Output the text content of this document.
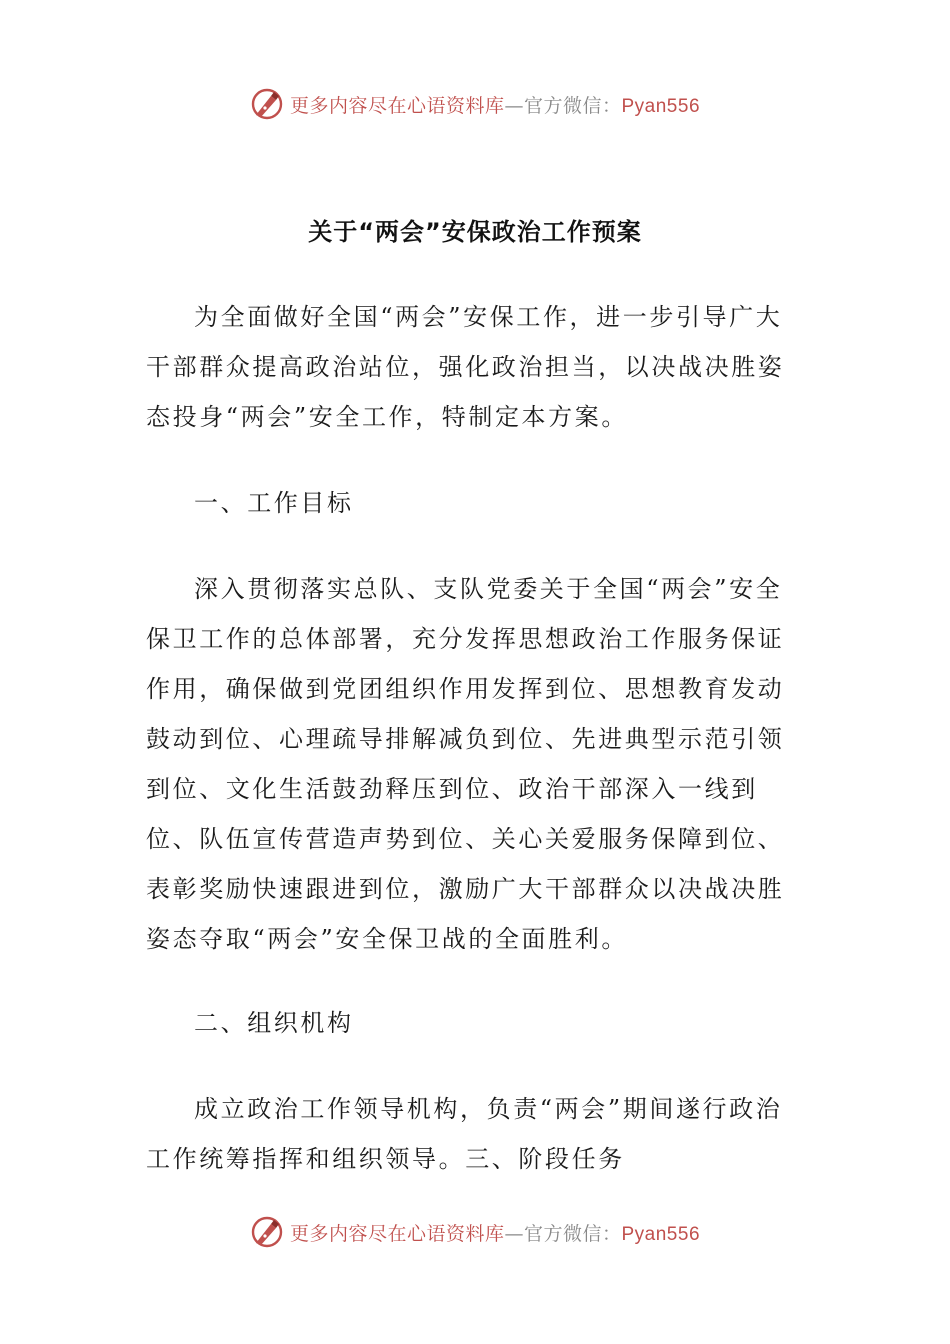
更多内容尽在心语资料库—官方微信：Pyan556
关于“两会”安保政治工作预案

为全面做好全国“两会”安保工作，进一步引导广大干部群众提高政治站位，强化政治担当，以决战决胜姿态投身“两会”安全工作，特制定本方案。

一、工作目标

深入贯彻落实总队、支队党委关于全国“两会”安全保卫工作的总体部署，充分发挥思想政治工作服务保证作用，确保做到党团组织作用发挥到位、思想教育发动鼓动到位、心理疏导排解减负到位、先进典型示范引领到位、文化生活鼓劲释压到位、政治干部深入一线到位、队伍宣传营造声势到位、关心关爱服务保障到位、表彰奖励快速跟进到位，激励广大干部群众以决战决胜姿态夺取“两会”安全保卫战的全面胜利。

二、组织机构

成立政治工作领导机构，负责“两会”期间遂行政治工作统筹指挥和组织领导。三、阶段任务

更多内容尽在心语资料库—官方微信：Pyan556
